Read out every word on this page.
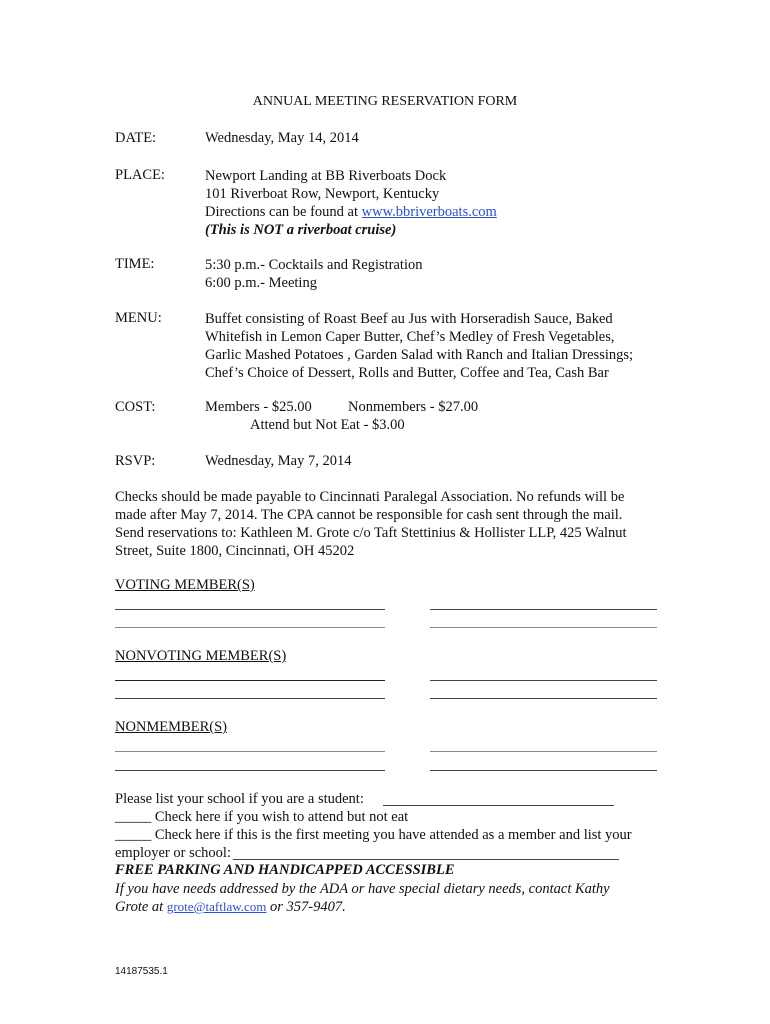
ANNUAL MEETING RESERVATION FORM
DATE:	Wednesday, May 14, 2014
PLACE:	Newport Landing at BB Riverboats Dock
101 Riverboat Row, Newport, Kentucky
Directions can be found at www.bbriverboats.com
(This is NOT a riverboat cruise)
TIME:	5:30 p.m.- Cocktails and Registration
6:00 p.m.- Meeting
MENU:	Buffet consisting of Roast Beef au Jus with Horseradish Sauce, Baked
Whitefish in Lemon Caper Butter, Chef’s Medley of Fresh Vegetables,
Garlic Mashed Potatoes , Garden Salad with Ranch and Italian Dressings;
Chef’s Choice of Dessert, Rolls and Butter, Coffee and Tea, Cash Bar
COST:	Members - $25.00	Nonmembers - $27.00
Attend but Not Eat - $3.00
RSVP:	Wednesday, May 7, 2014
Checks should be made payable to Cincinnati Paralegal Association. No refunds will be
made after May 7, 2014. The CPA cannot be responsible for cash sent through the mail.
Send reservations to: Kathleen M. Grote c/o Taft Stettinius & Hollister LLP, 425 Walnut
Street, Suite 1800, Cincinnati, OH 45202
VOTING MEMBER(S)
NONVOTING MEMBER(S)
NONMEMBER(S)
Please list your school if you are a student:
_____ Check here if you wish to attend but not eat
_____ Check here if this is the first meeting you have attended as a member and list your
employer or school:
FREE PARKING AND HANDICAPPED ACCESSIBLE
If you have needs addressed by the ADA or have special dietary needs, contact Kathy
Grote at grote@taftlaw.com or 357-9407.
14187535.1
